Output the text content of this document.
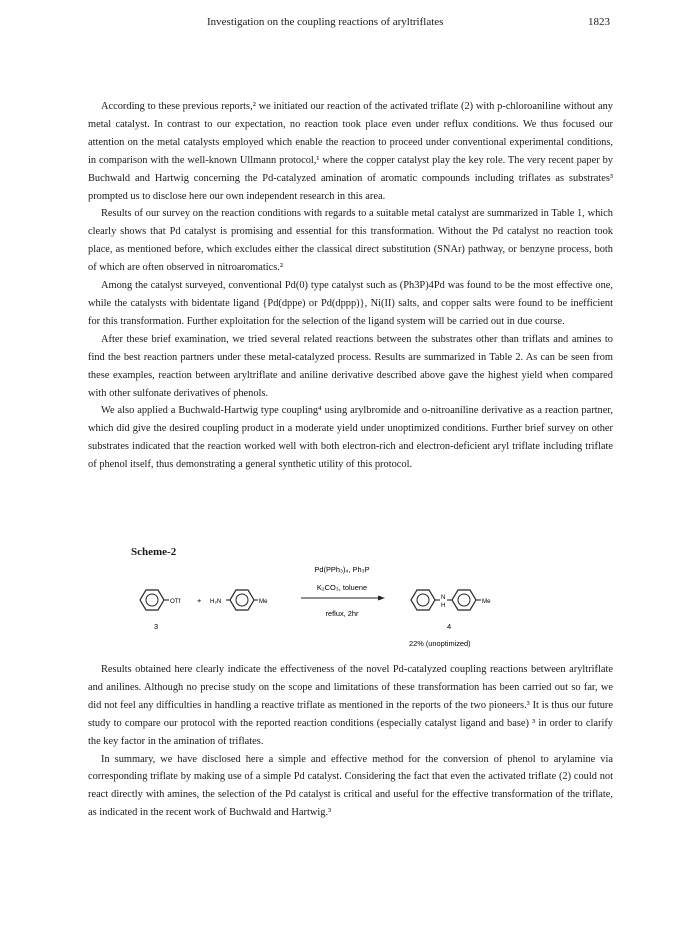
Investigation on the coupling reactions of aryltriflates	1823

According to these previous reports,² we initiated our reaction of the activated triflate (2) with p-chloroaniline without any metal catalyst. In contrast to our expectation, no reaction took place even under reflux conditions. We thus focused our attention on the metal catalysts employed which enable the reaction to proceed under conventional experimental conditions, in comparison with the well-known Ullmann protocol,¹ where the copper catalyst play the key role. The very recent paper by Buchwald and Hartwig concerning the Pd-catalyzed amination of aromatic compounds including triflates as substrates³ prompted us to disclose here our own independent research in this area.

Results of our survey on the reaction conditions with regards to a suitable metal catalyst are summarized in Table 1, which clearly shows that Pd catalyst is promising and essential for this transformation. Without the Pd catalyst no reaction took place, as mentioned before, which excludes either the classical direct substitution (SNAr) pathway, or benzyne process, both of which are often observed in nitroaromatics.²

Among the catalyst surveyed, conventional Pd(0) type catalyst such as (Ph3P)4Pd was found to be the most effective one, while the catalysts with bidentate ligand {Pd(dppe) or Pd(dppp)}, Ni(II) salts, and copper salts were found to be inefficient for this transformation. Further exploitation for the selection of the ligand system will be carried out in due course.

After these brief examination, we tried several related reactions between the substrates other than triflats and amines to find the best reaction partners under these metal-catalyzed process. Results are summarized in Table 2. As can be seen from these examples, reaction between aryltriflate and aniline derivative described above gave the highest yield when compared with other sulfonate derivatives of phenols.

We also applied a Buchwald-Hartwig type coupling⁴ using arylbromide and o-nitroaniline derivative as a reaction partner, which did give the desired coupling product in a moderate yield under unoptimized conditions. Further brief survey on other substrates indicated that the reaction worked well with both electron-rich and electron-deficient aryl triflate including triflate of phenol itself, thus demonstrating a general synthetic utility of this protocol.

Scheme-2
OTf + H₂N	Me
3
Pd(PPh₃)₄, Ph₃P
K₂CO₃, toluene
reflux, 2hr
N
H
Me
4
22% (unoptimized)

Results obtained here clearly indicate the effectiveness of the novel Pd-catalyzed coupling reactions between aryltriflate and anilines. Although no precise study on the scope and limitations of these transformation has been carried out so far, we did not feel any difficulties in handling a reactive triflate as mentioned in the reports of the two pioneers.³ It is thus our future study to compare our protocol with the reported reaction conditions (especially catalyst ligand and base) ³ in order to clarify the key factor in the amination of triflates.

In summary, we have disclosed here a simple and effective method for the conversion of phenol to arylamine via corresponding triflate by making use of a simple Pd catalyst. Considering the fact that even the activated triflate (2) could not react directly with amines, the selection of the Pd catalyst is critical and useful for the effective transformation of the triflate, as indicated in the recent work of Buchwald and Hartwig.³
